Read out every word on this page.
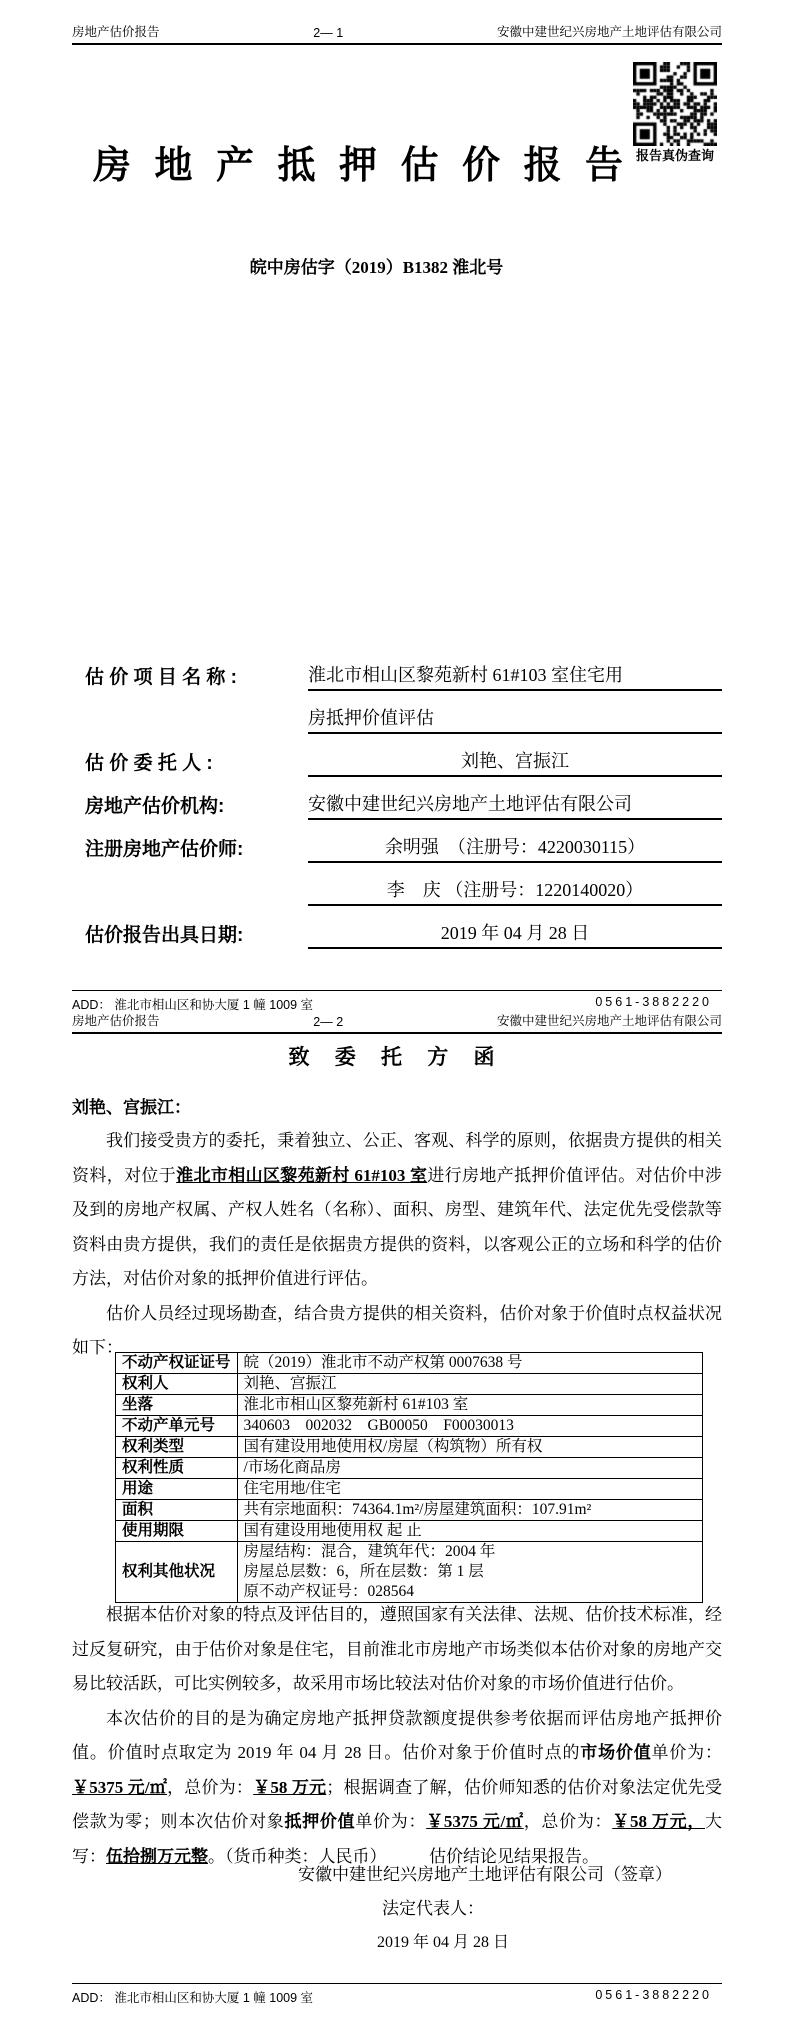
房地产估价报告	2— 1	安徽中建世纪兴房地产土地评估有限公司
报告真伪查询
房 地 产 抵 押 估 价 报 告
皖中房估字（2019）B1382 淮北号
估 价 项 目 名 称 :	淮北市相山区黎苑新村 61#103 室住宅用
房抵押价值评估
估 价 委 托 人 :	刘艳、宫振江
房地产估价机构:	安徽中建世纪兴房地产土地评估有限公司
注册房地产估价师:	余明强　（注册号：4220030115）
李　庆 （注册号：1220140020）
估价报告出具日期:	2019 年 04 月 28 日
ADD： 淮北市相山区和协大厦 1 幢 1009 室	0561-3882220
房地产估价报告	2— 2	安徽中建世纪兴房地产土地评估有限公司
致 委 托 方 函
刘艳、宫振江：

我们接受贵方的委托，秉着独立、公正、客观、科学的原则，依据贵方提供的相关资料，对位于淮北市相山区黎苑新村 61#103 室进行房地产抵押价值评估。对估价中涉及到的房地产权属、产权人姓名（名称）、面积、房型、建筑年代、法定优先受偿款等资料由贵方提供，我们的责任是依据贵方提供的资料，以客观公正的立场和科学的估价方法，对估价对象的抵押价值进行评估。

估价人员经过现场勘查，结合贵方提供的相关资料，估价对象于价值时点权益状况如下：

不动产权证证号	皖（2019）淮北市不动产权第 0007638 号
权利人	刘艳、宫振江
坐落	淮北市相山区黎苑新村 61#103 室
不动产单元号	340603　002032　GB00050　F00030013
权利类型	国有建设用地使用权/房屋（构筑物）所有权
权利性质	/市场化商品房
用途	住宅用地/住宅
面积	共有宗地面积：74364.1m²/房屋建筑面积：107.91m²
使用期限	国有建设用地使用权 起 止
权利其他状况	房屋结构：混合，建筑年代：2004 年
房屋总层数：6，所在层数：第 1 层
原不动产权证号：028564

根据本估价对象的特点及评估目的，遵照国家有关法律、法规、估价技术标准，经过反复研究，由于估价对象是住宅，目前淮北市房地产市场类似本估价对象的房地产交易比较活跃，可比实例较多，故采用市场比较法对估价对象的市场价值进行估价。

本次估价的目的是为确定房地产抵押贷款额度提供参考依据而评估房地产抵押价值。价值时点取定为 2019 年 04 月 28 日。估价对象于价值时点的市场价值单价为：￥5375 元/㎡，总价为：￥58 万元；根据调查了解，估价师知悉的估价对象法定优先受偿款为零；则本次估价对象抵押价值单价为：￥5375 元/㎡，总价为：￥58 万元，大写：伍拾捌万元整。（货币种类：人民币）　　　估价结论见结果报告。

安徽中建世纪兴房地产土地评估有限公司（签章）
法定代表人：
2019 年 04 月 28 日
ADD： 淮北市相山区和协大厦 1 幢 1009 室	0561-3882220
